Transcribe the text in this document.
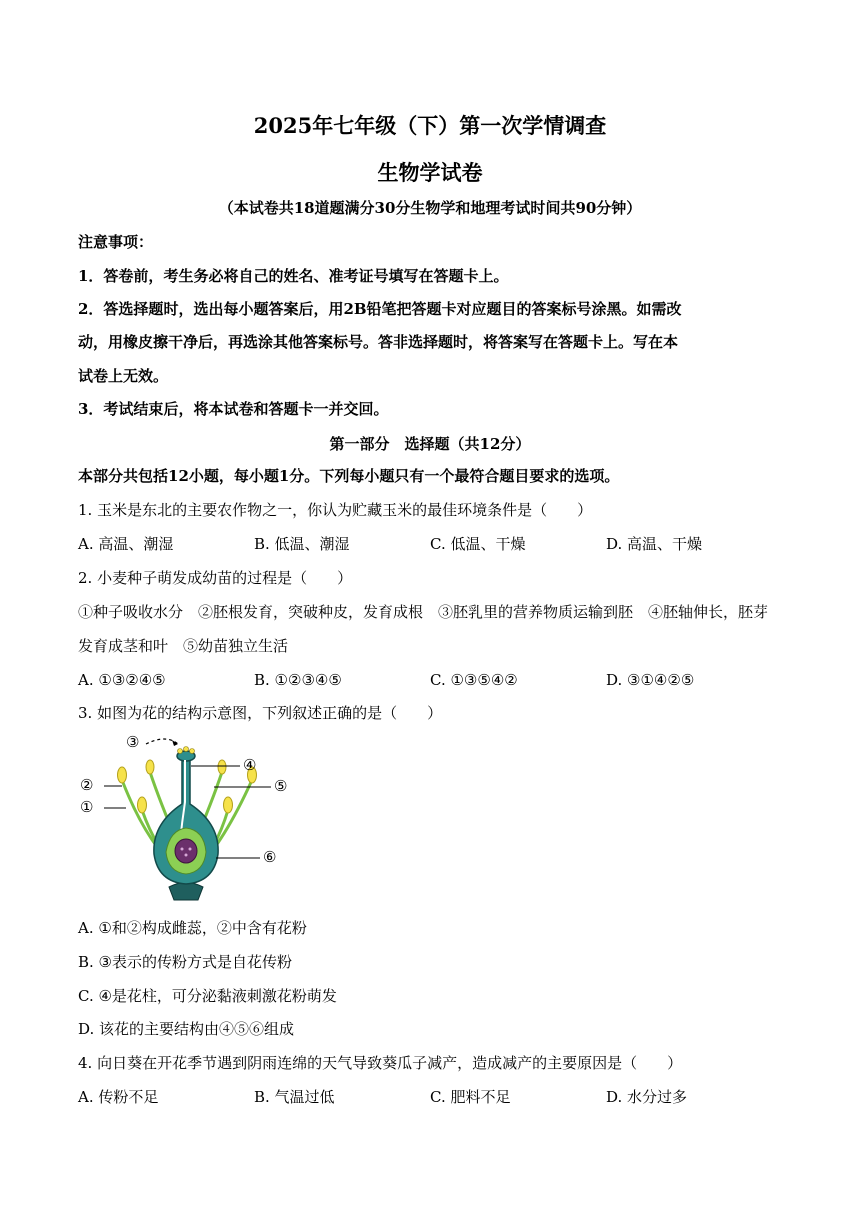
2025年七年级（下）第一次学情调查
生物学试卷
（本试卷共18道题满分30分生物学和地理考试时间共90分钟）
注意事项：
1．答卷前，考生务必将自己的姓名、准考证号填写在答题卡上。
2．答选择题时，选出每小题答案后，用2B铅笔把答题卡对应题目的答案标号涂黑。如需改
动，用橡皮擦干净后，再选涂其他答案标号。答非选择题时，将答案写在答题卡上。写在本
试卷上无效。
3．考试结束后，将本试卷和答题卡一并交回。
第一部分　选择题（共12分）
本部分共包括12小题，每小题1分。下列每小题只有一个最符合题目要求的选项。
1. 玉米是东北的主要农作物之一，你认为贮藏玉米的最佳环境条件是（　　）
A. 高温、潮湿	B. 低温、潮湿	C. 低温、干燥	D. 高温、干燥
2. 小麦种子萌发成幼苗的过程是（　　）
①种子吸收水分　②胚根发育，突破种皮，发育成根　③胚乳里的营养物质运输到胚　④胚轴伸长，胚芽
发育成茎和叶　⑤幼苗独立生活
A. ①③②④⑤	B. ①②③④⑤	C. ①③⑤④②	D. ③①④②⑤
3. 如图为花的结构示意图，下列叙述正确的是（　　）
③
②
①
④
⑤
⑥
A. ①和②构成雌蕊，②中含有花粉
B. ③表示的传粉方式是自花传粉
C. ④是花柱，可分泌黏液刺激花粉萌发
D. 该花的主要结构由④⑤⑥组成
4. 向日葵在开花季节遇到阴雨连绵的天气导致葵瓜子减产，造成减产的主要原因是（　　）
A. 传粉不足	B. 气温过低	C. 肥料不足	D. 水分过多
